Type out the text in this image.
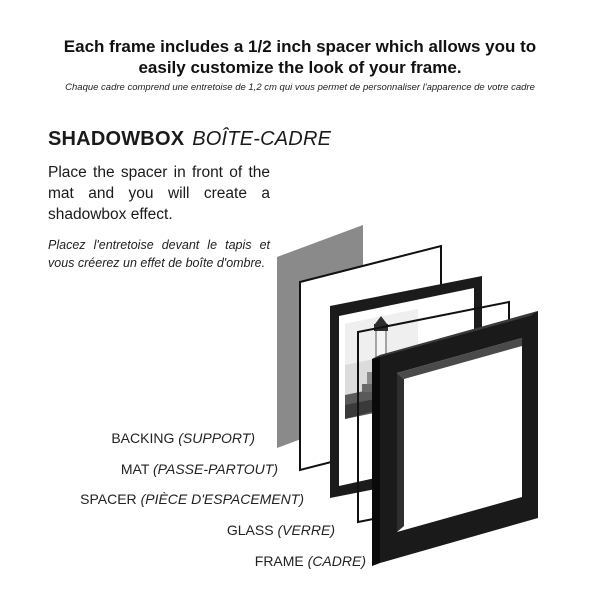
Each frame includes a 1/2 inch spacer which allows you to
easily customize the look of your frame.
Chaque cadre comprend une entretoise de 1,2 cm qui vous permet de personnaliser l'apparence de votre cadre
SHADOWBOX BOÎTE-CADRE
Place the spacer in front of the mat and you will create a shadowbox effect.
Placez l'entretoise devant le tapis et vous créerez un effet de boîte d'ombre.
BACKING (SUPPORT)
MAT (PASSE-PARTOUT)
SPACER (PIÈCE D'ESPACEMENT)
GLASS (VERRE)
FRAME (CADRE)
